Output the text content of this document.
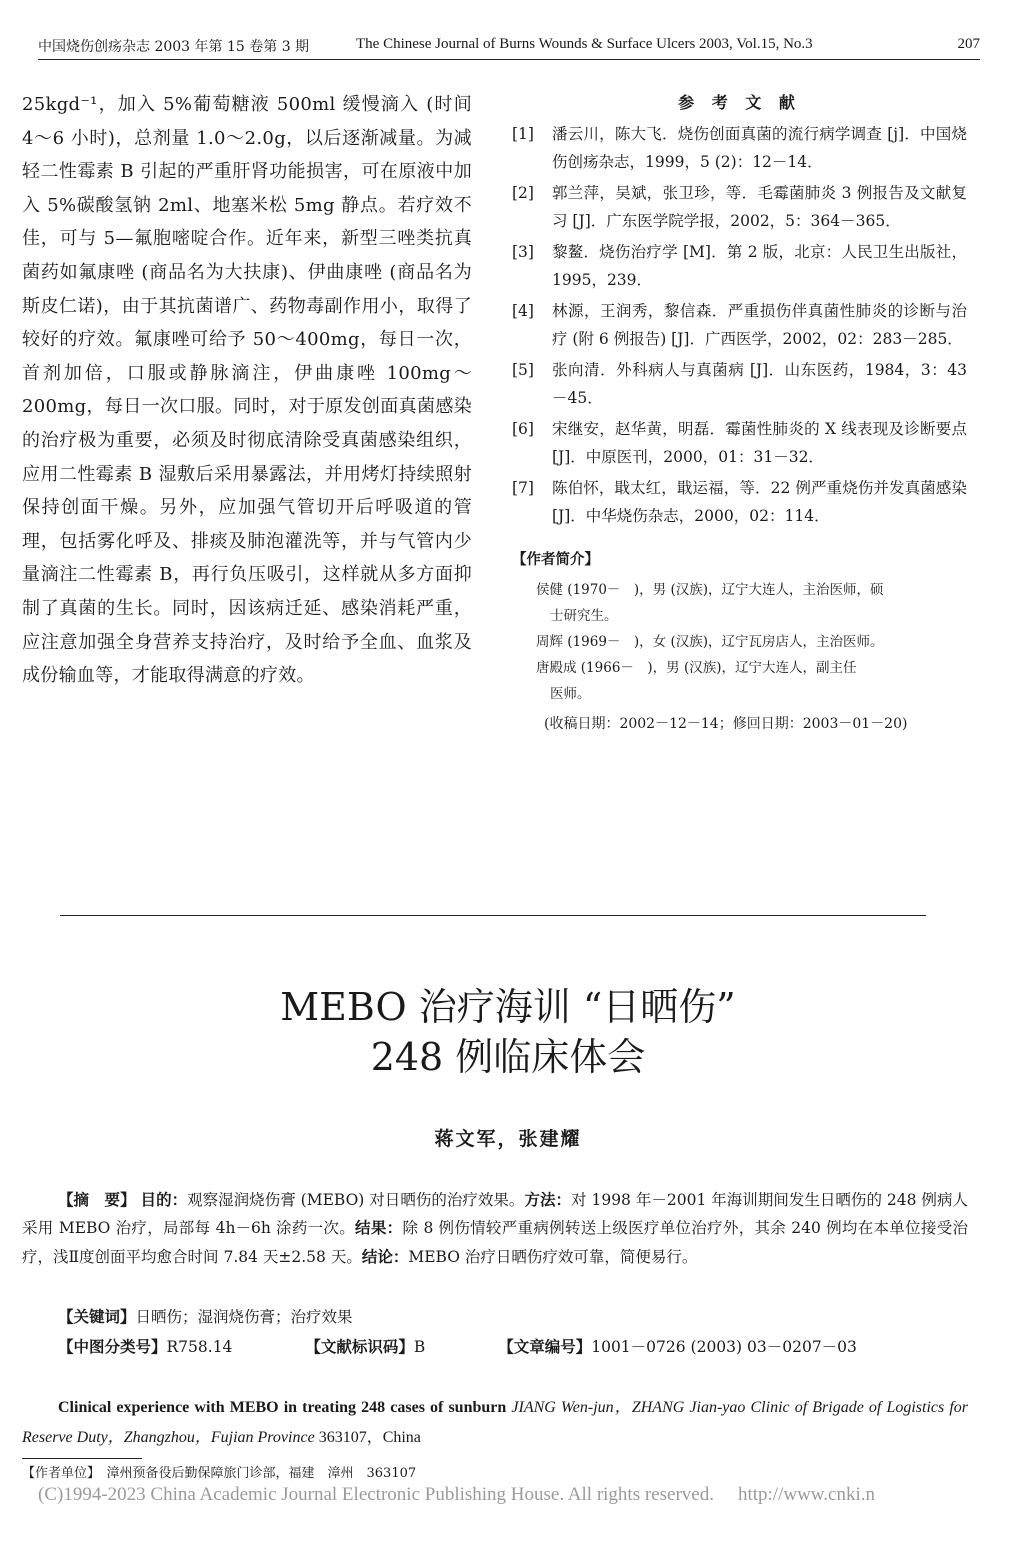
中国烧伤创疡杂志 2003 年第 15 卷第 3 期	The Chinese Journal of Burns Wounds & Surface Ulcers 2003, Vol.15, No.3	207
25kgd⁻¹，加入 5%葡萄糖液 500ml 缓慢滴入 (时间 4～6 小时)，总剂量 1.0～2.0g，以后逐渐减量。为减轻二性霉素 B 引起的严重肝肾功能损害，可在原液中加入 5%碳酸氢钠 2ml、地塞米松 5mg 静点。若疗效不佳，可与 5—氟胞嘧啶合作。近年来，新型三唑类抗真菌药如氟康唑 (商品名为大扶康)、伊曲康唑 (商品名为斯皮仁诺)，由于其抗菌谱广、药物毒副作用小，取得了较好的疗效。氟康唑可给予 50～400mg，每日一次，首剂加倍，口服或静脉滴注，伊曲康唑 100mg～200mg，每日一次口服。同时，对于原发创面真菌感染的治疗极为重要，必须及时彻底清除受真菌感染组织，应用二性霉素 B 湿敷后采用暴露法，并用烤灯持续照射保持创面干燥。另外，应加强气管切开后呼吸道的管理，包括雾化呼及、排痰及肺泡灌洗等，并与气管内少量滴注二性霉素 B，再行负压吸引，这样就从多方面抑制了真菌的生长。同时，因该病迁延、感染消耗严重，应注意加强全身营养支持治疗，及时给予全血、血浆及成份输血等，才能取得满意的疗效。
参 考 文 献
[1]	潘云川，陈大飞．烧伤创面真菌的流行病学调查 [j]．中国烧伤创疡杂志，1999，5 (2)：12－14．
[2]	郭兰萍，吴斌，张卫珍，等．毛霉菌肺炎 3 例报告及文献复习 [J]．广东医学院学报，2002，5：364－365．
[3]	黎鳌．烧伤治疗学 [M]．第 2 版，北京：人民卫生出版社，1995，239．
[4]	林源，王润秀，黎信森．严重损伤伴真菌性肺炎的诊断与治疗 (附 6 例报告) [J]．广西医学，2002，02：283－285．
[5]	张向清．外科病人与真菌病 [J]．山东医药，1984，3：43－45．
[6]	宋继安，赵华黄，明磊．霉菌性肺炎的 X 线表现及诊断要点 [J]．中原医刊，2000，01：31－32．
[7]	陈伯怀，戢太红，戢运福，等．22 例严重烧伤并发真菌感染 [J]．中华烧伤杂志，2000，02：114．
【作者简介】
侯健 (1970－　)，男 (汉族)，辽宁大连人，主治医师，硕
士研究生。
周辉 (1969－　)，女 (汉族)，辽宁瓦房店人，主治医师。
唐殿成 (1966－　)，男 (汉族)，辽宁大连人，副主任
医师。
(收稿日期：2002－12－14；修回日期：2003－01－20)
MEBO 治疗海训 “日晒伤”
248 例临床体会
蒋文军，张建耀

【摘　要】 目的：观察湿润烧伤膏 (MEBO) 对日晒伤的治疗效果。方法：对 1998 年－2001 年海训期间发生日晒伤的 248 例病人采用 MEBO 治疗，局部每 4h－6h 涂药一次。结果：除 8 例伤情较严重病例转送上级医疗单位治疗外，其余 240 例均在本单位接受治疗，浅Ⅱ度创面平均愈合时间 7.84 天±2.58 天。结论：MEBO 治疗日晒伤疗效可靠，简便易行。

【关键词】日晒伤；湿润烧伤膏；治疗效果
【中图分类号】R758.14	【文献标识码】B	【文章编号】1001－0726 (2003) 03－0207－03

Clinical experience with MEBO in treating 248 cases of sunburn JIANG Wen-jun，ZHANG Jian-yao Clinic of Brigade of Logistics for Reserve Duty，Zhangzhou，Fujian Province 363107，China

【作者单位】　漳州预备役后勤保障旅门诊部，福建　漳州　363107
(C)1994-2023 China Academic Journal Electronic Publishing House. All rights reserved. http://www.cnki.n
